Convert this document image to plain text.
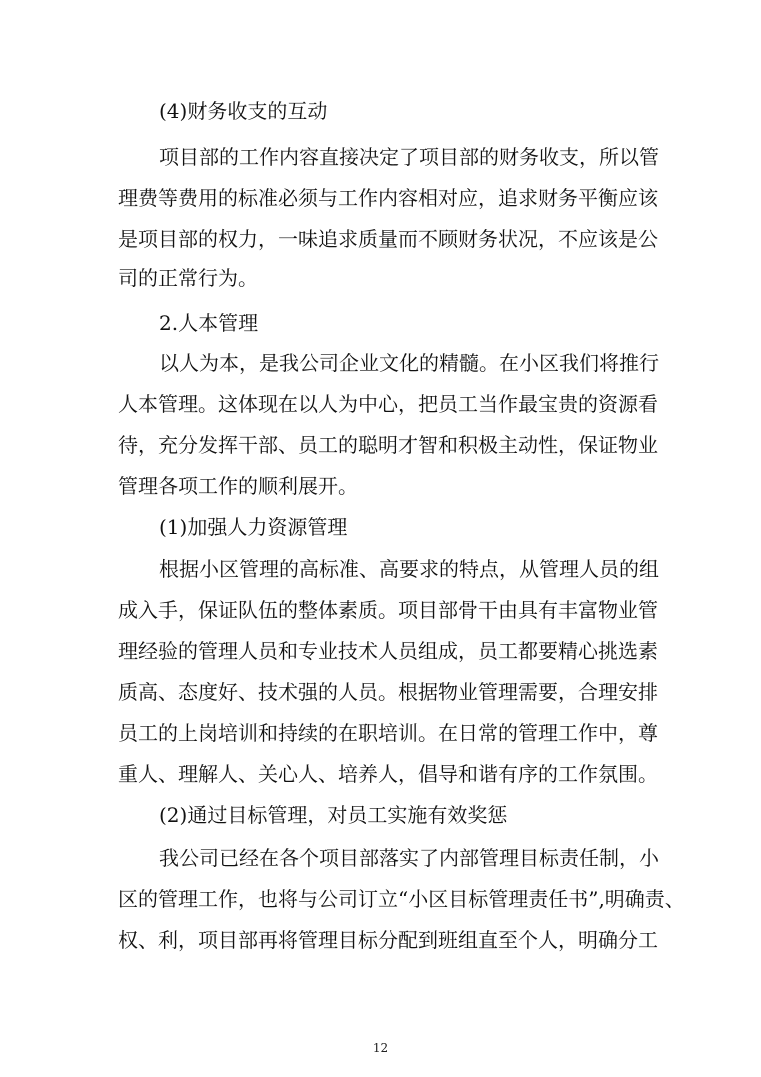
(4)财务收支的互动

项目部的工作内容直接决定了项目部的财务收支，所以管

理费等费用的标准必须与工作内容相对应，追求财务平衡应该

是项目部的权力，一味追求质量而不顾财务状况，不应该是公

司的正常行为。

2.人本管理

以人为本，是我公司企业文化的精髓。在小区我们将推行

人本管理。这体现在以人为中心，把员工当作最宝贵的资源看

待，充分发挥干部、员工的聪明才智和积极主动性，保证物业

管理各项工作的顺利展开。

(1)加强人力资源管理

根据小区管理的高标准、高要求的特点，从管理人员的组

成入手，保证队伍的整体素质。项目部骨干由具有丰富物业管

理经验的管理人员和专业技术人员组成，员工都要精心挑选素

质高、态度好、技术强的人员。根据物业管理需要，合理安排

员工的上岗培训和持续的在职培训。在日常的管理工作中，尊

重人、理解人、关心人、培养人，倡导和谐有序的工作氛围。

(2)通过目标管理，对员工实施有效奖惩

我公司已经在各个项目部落实了内部管理目标责任制，小

区的管理工作，也将与公司订立“小区目标管理责任书”,明确责、

权、利，项目部再将管理目标分配到班组直至个人，明确分工

12
